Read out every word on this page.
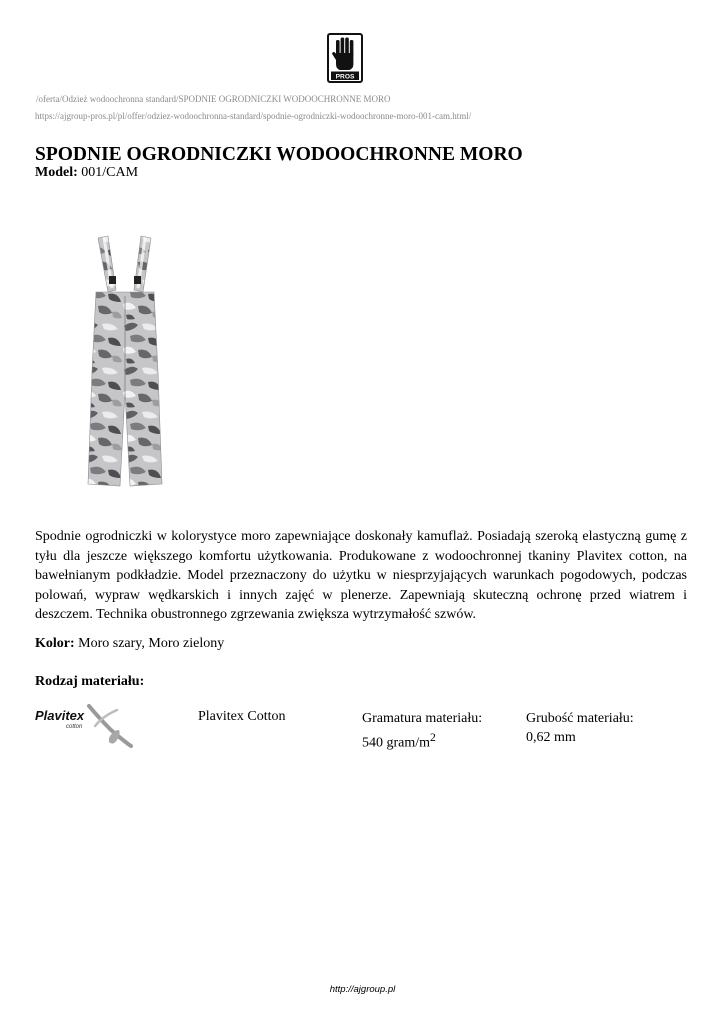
PROS
/oferta/Odzież wodoochronna standard/SPODNIE OGRODNICZKI WODOOCHRONNE MORO
https://ajgroup-pros.pl/pl/offer/odziez-wodoochronna-standard/spodnie-ogrodniczki-wodoochronne-moro-001-cam.html/
SPODNIE OGRODNICZKI WODOOCHRONNE MORO
Model: 001/CAM

Spodnie ogrodniczki w kolorystyce moro zapewniające doskonały kamuflaż. Posiadają szeroką elastyczną gumę z tyłu dla jeszcze większego komfortu użytkowania. Produkowane z wodoochronnej tkaniny Plavitex cotton, na bawełnianym podkładzie. Model przeznaczony do użytku w niesprzyjających warunkach pogodowych, podczas polowań, wypraw wędkarskich i innych zajęć w plenerze. Zapewniają skuteczną ochronę przed wiatrem i deszczem. Technika obustronnego zgrzewania zwiększa wytrzymałość szwów.

Kolor: Moro szary, Moro zielony
Rodzaj materiału:
Plavitex
cotton
Plavitex Cotton	Gramatura materiału:
540 gram/$m^2$
Grubość materiału:
0,62 mm
http://ajgroup.pl
